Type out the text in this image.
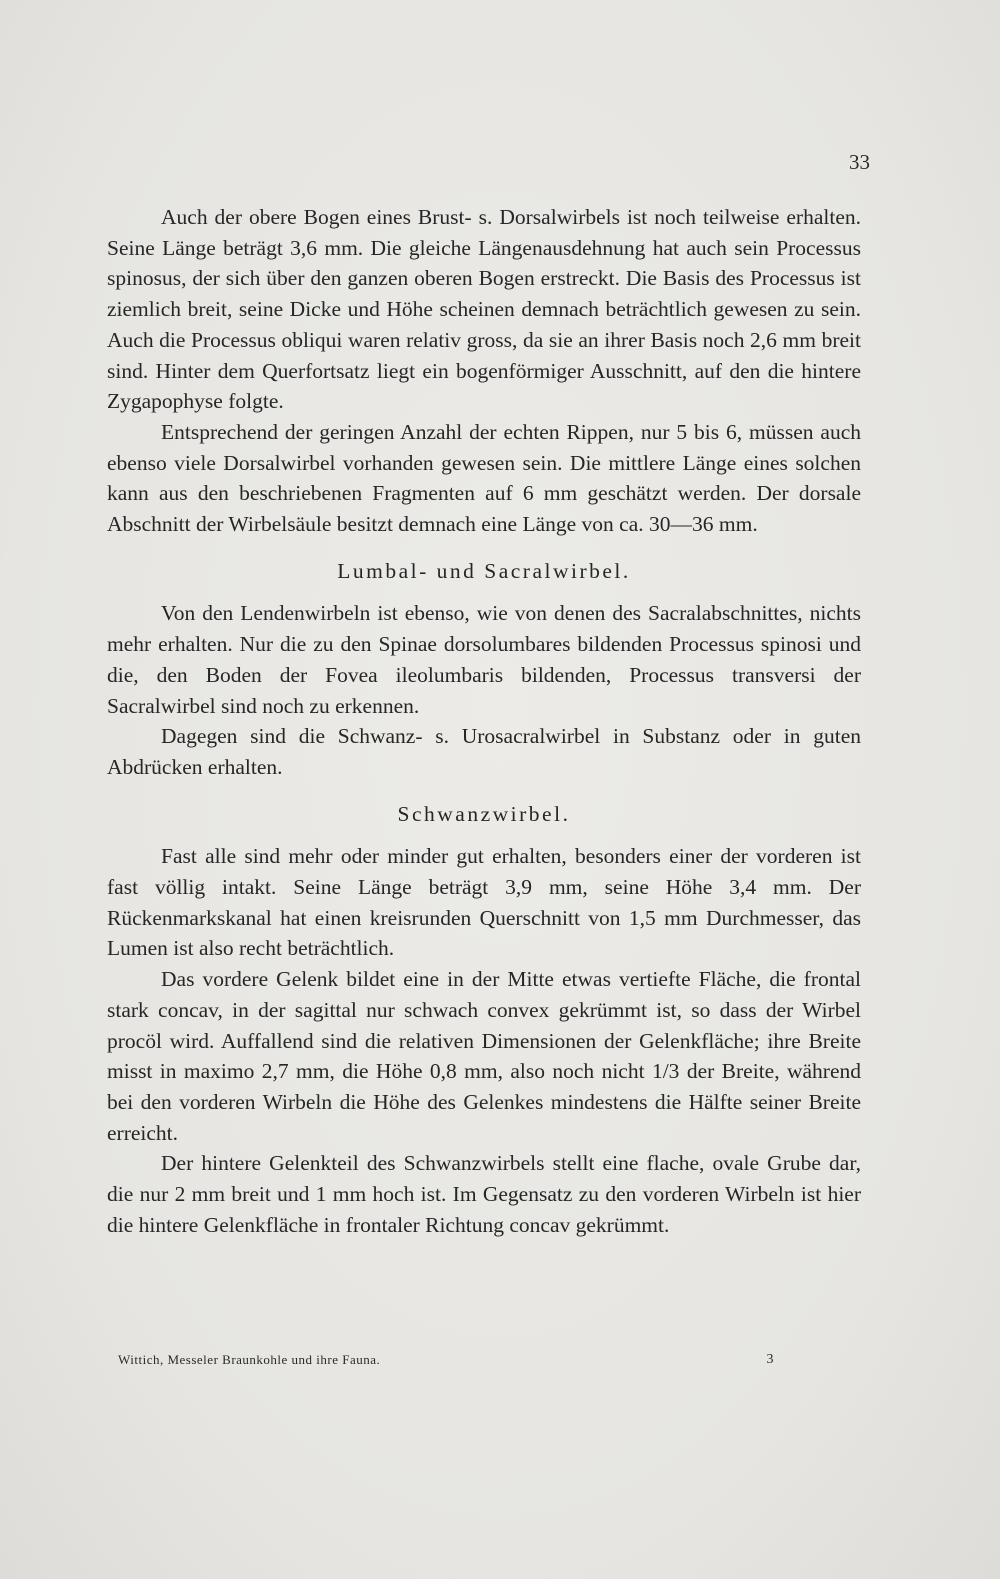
33

Auch der obere Bogen eines Brust- s. Dorsalwirbels ist noch teilweise erhalten. Seine Länge beträgt 3,6 mm. Die gleiche Längenausdehnung hat auch sein Processus spinosus, der sich über den ganzen oberen Bogen erstreckt. Die Basis des Processus ist ziemlich breit, seine Dicke und Höhe scheinen demnach beträchtlich gewesen zu sein. Auch die Processus obliqui waren relativ gross, da sie an ihrer Basis noch 2,6 mm breit sind. Hinter dem Querfortsatz liegt ein bogenförmiger Ausschnitt, auf den die hintere Zygapophyse folgte.

Entsprechend der geringen Anzahl der echten Rippen, nur 5 bis 6, müssen auch ebenso viele Dorsalwirbel vorhanden gewesen sein. Die mittlere Länge eines solchen kann aus den beschriebenen Fragmenten auf 6 mm geschätzt werden. Der dorsale Abschnitt der Wirbelsäule besitzt demnach eine Länge von ca. 30—36 mm.

Lumbal- und Sacralwirbel.

Von den Lendenwirbeln ist ebenso, wie von denen des Sacralabschnittes, nichts mehr erhalten. Nur die zu den Spinae dorsolumbares bildenden Processus spinosi und die, den Boden der Fovea ileolumbaris bildenden, Processus transversi der Sacralwirbel sind noch zu erkennen.

Dagegen sind die Schwanz- s. Urosacralwirbel in Substanz oder in guten Abdrücken erhalten.

Schwanzwirbel.

Fast alle sind mehr oder minder gut erhalten, besonders einer der vorderen ist fast völlig intakt. Seine Länge beträgt 3,9 mm, seine Höhe 3,4 mm. Der Rückenmarkskanal hat einen kreisrunden Querschnitt von 1,5 mm Durchmesser, das Lumen ist also recht beträchtlich.

Das vordere Gelenk bildet eine in der Mitte etwas vertiefte Fläche, die frontal stark concav, in der sagittal nur schwach convex gekrümmt ist, so dass der Wirbel procöl wird. Auffallend sind die relativen Dimensionen der Gelenkfläche; ihre Breite misst in maximo 2,7 mm, die Höhe 0,8 mm, also noch nicht 1/3 der Breite, während bei den vorderen Wirbeln die Höhe des Gelenkes mindestens die Hälfte seiner Breite erreicht.

Der hintere Gelenkteil des Schwanzwirbels stellt eine flache, ovale Grube dar, die nur 2 mm breit und 1 mm hoch ist. Im Gegensatz zu den vorderen Wirbeln ist hier die hintere Gelenkfläche in frontaler Richtung concav gekrümmt.

Wittich, Messeler Braunkohle und ihre Fauna.	3
